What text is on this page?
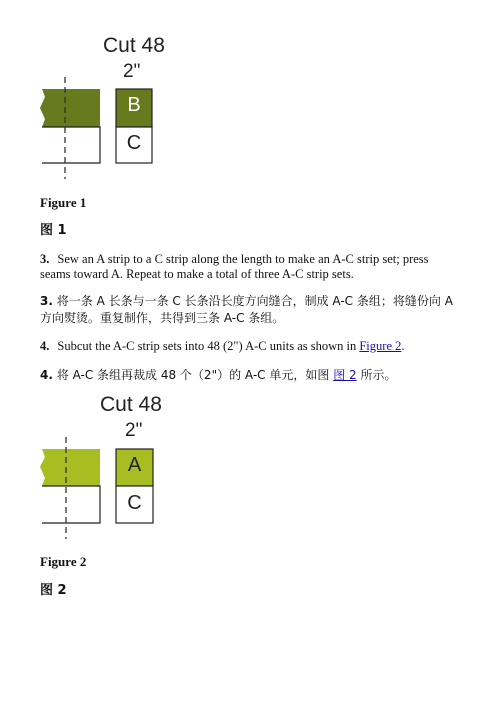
Cut 48
2"
B
C
Figure 1
图 1
3. Sew an A strip to a C strip along the length to make an A-C strip set; press seams toward A. Repeat to make a total of three A-C strip sets.
3. 将一条 A 长条与一条 C 长条沿长度方向缝合，制成 A-C 条组；将缝份向 A 方向熨烫。重复制作，共得到三条 A-C 条组。
4. Subcut the A-C strip sets into 48 (2") A-C units as shown in Figure 2.
4. 将 A-C 条组再裁成 48 个（2"）的 A-C 单元，如图 图 2 所示。
Cut 48
2"
A
C
Figure 2
图 2
